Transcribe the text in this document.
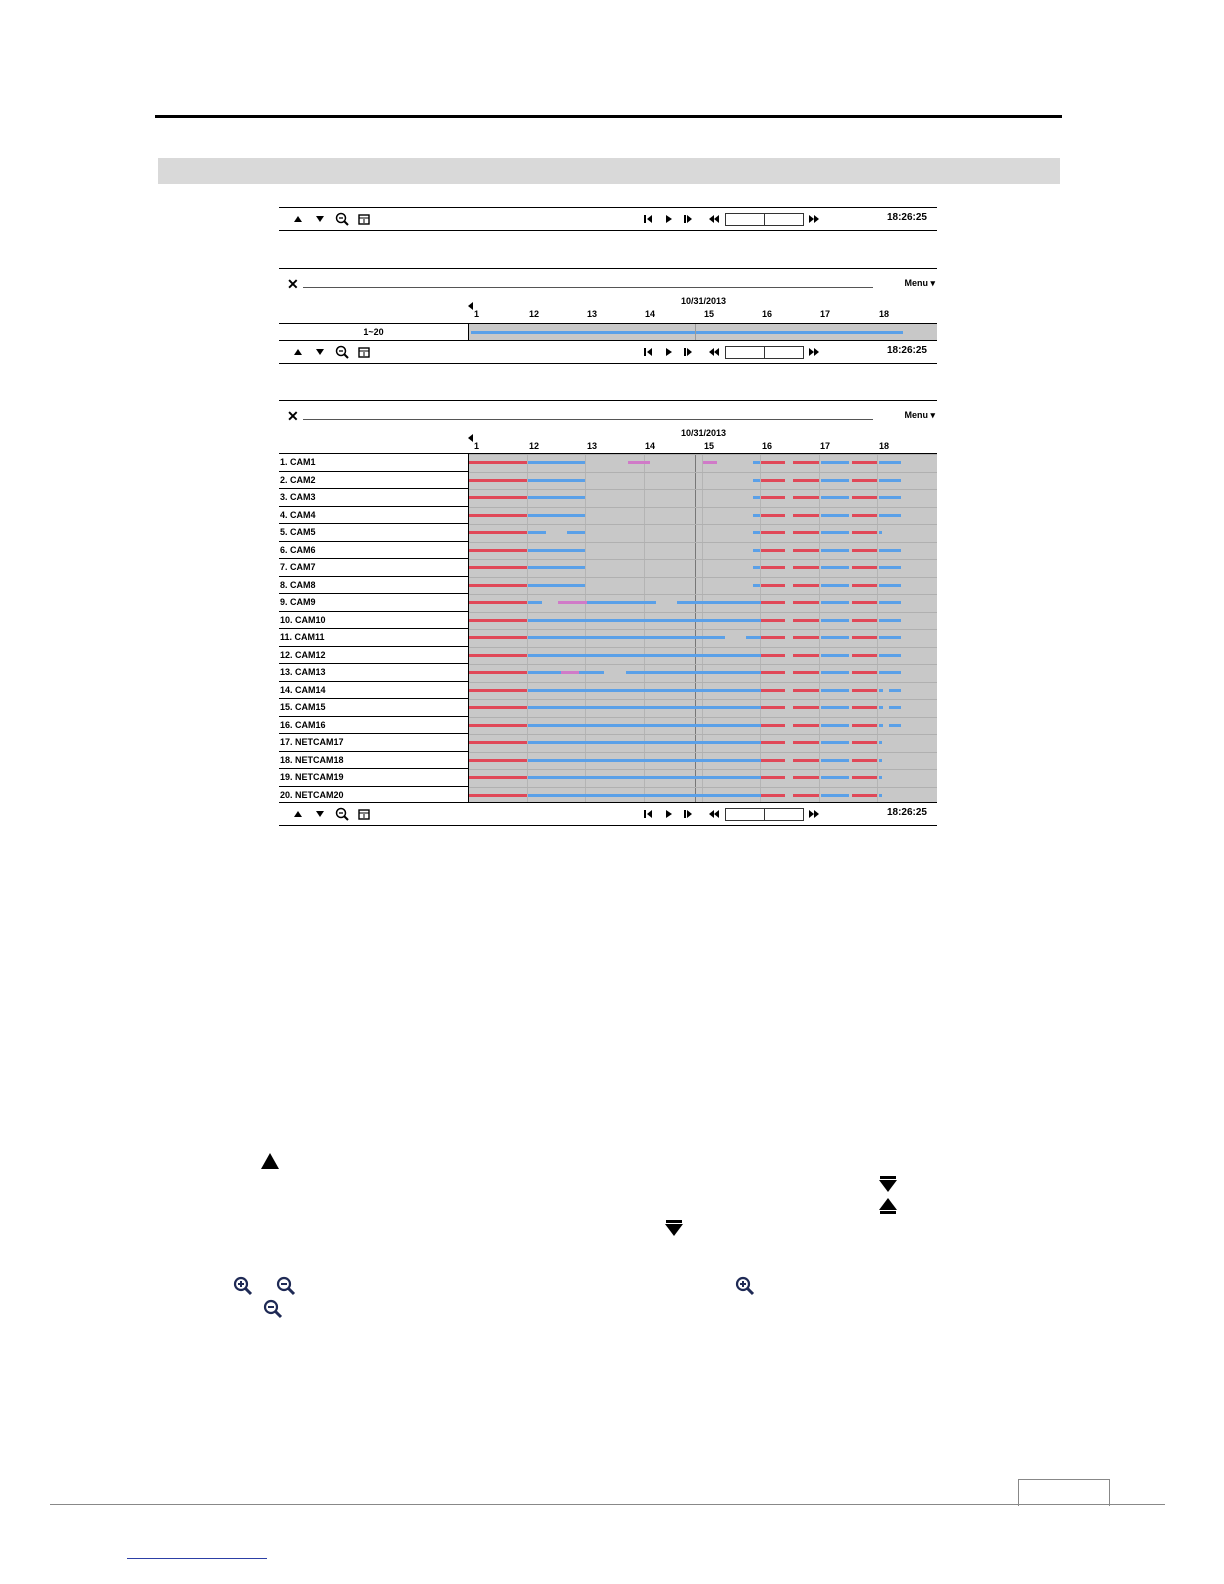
18:26:25
✕	Menu ▾
10/31/2013
1	12	13	14	15	16	17	18
1~20
18:26:25
✕	Menu ▾
10/31/2013
1	12	13	14	15	16	17	18
1. CAM1
2. CAM2
3. CAM3
4. CAM4
5. CAM5
6. CAM6
7. CAM7
8. CAM8
9. CAM9
10. CAM10
11. CAM11
12. CAM12
13. CAM13
14. CAM14
15. CAM15
16. CAM16
17. NETCAM17
18. NETCAM18
19. NETCAM19
20. NETCAM20
18:26:25
